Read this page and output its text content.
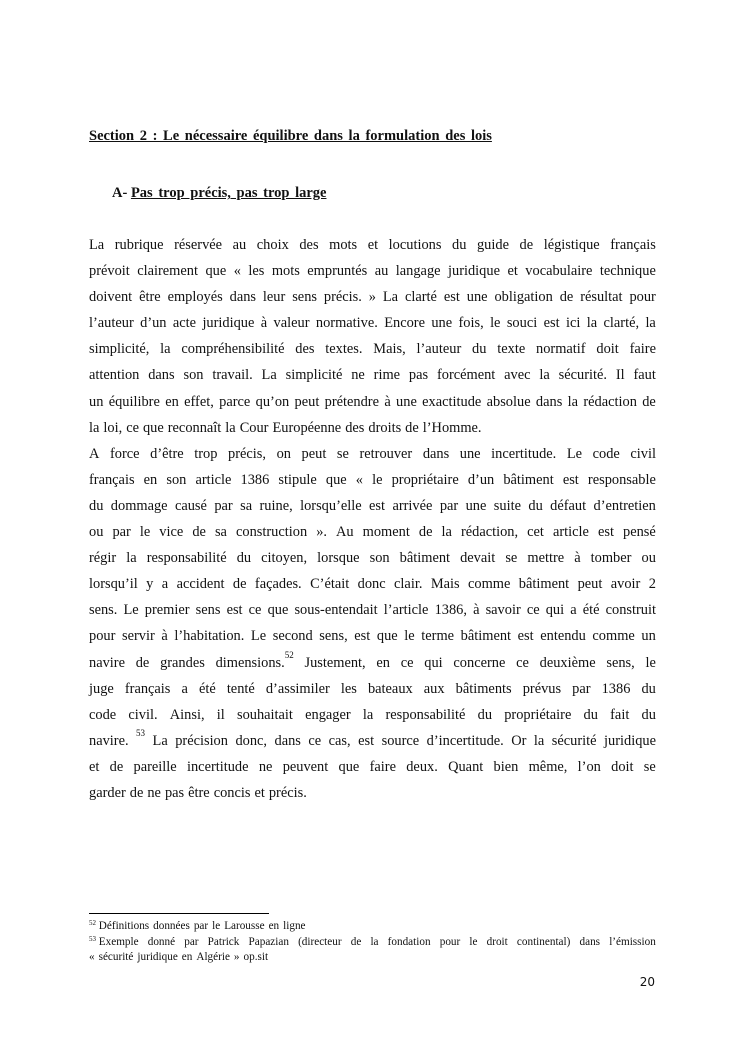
Section 2 : Le nécessaire équilibre dans la formulation des lois
A- Pas trop précis, pas trop large
La rubrique réservée au choix des mots et locutions du guide de légistique français
prévoit clairement que « les mots empruntés au langage juridique et vocabulaire technique
doivent être employés dans leur sens précis. » La clarté est une obligation de résultat pour
l’auteur d’un acte juridique à valeur normative. Encore une fois, le souci est ici la clarté, la
simplicité, la compréhensibilité des textes. Mais, l’auteur du texte normatif doit faire
attention dans son travail. La simplicité ne rime pas forcément avec la sécurité. Il faut
un équilibre en effet, parce qu’on peut prétendre à une exactitude absolue dans la rédaction de
la loi, ce que reconnaît la Cour Européenne des droits de l’Homme.
A force d’être trop précis, on peut se retrouver dans une incertitude. Le code civil
français en son article 1386 stipule que « le propriétaire d’un bâtiment est responsable
du dommage causé par sa ruine, lorsqu’elle est arrivée par une suite du défaut d’entretien
ou par le vice de sa construction ». Au moment de la rédaction, cet article est pensé
régir la responsabilité du citoyen, lorsque son bâtiment devait se mettre à tomber ou
lorsqu’il y a accident de façades. C’était donc clair. Mais comme bâtiment peut avoir 2
sens. Le premier sens est ce que sous-entendait l’article 1386, à savoir ce qui a été construit
pour servir à l’habitation. Le second sens, est que le terme bâtiment est entendu comme un
navire de grandes dimensions.$^{52}$ Justement, en ce qui concerne ce deuxième sens, le
juge français a été tenté d’assimiler les bateaux aux bâtiments prévus par 1386 du
code civil. Ainsi, il souhaitait engager la responsabilité du propriétaire du fait du
navire. $^{53}$ La précision donc, dans ce cas, est source d’incertitude. Or la sécurité juridique
et de pareille incertitude ne peuvent que faire deux. Quant bien même, l’on doit se
garder de ne pas être concis et précis.
$^{52}$ Définitions données par le Larousse en ligne
$^{53}$ Exemple donné par Patrick Papazian (directeur de la fondation pour le droit continental) dans l’émission
« sécurité juridique en Algérie » op.sit
20
